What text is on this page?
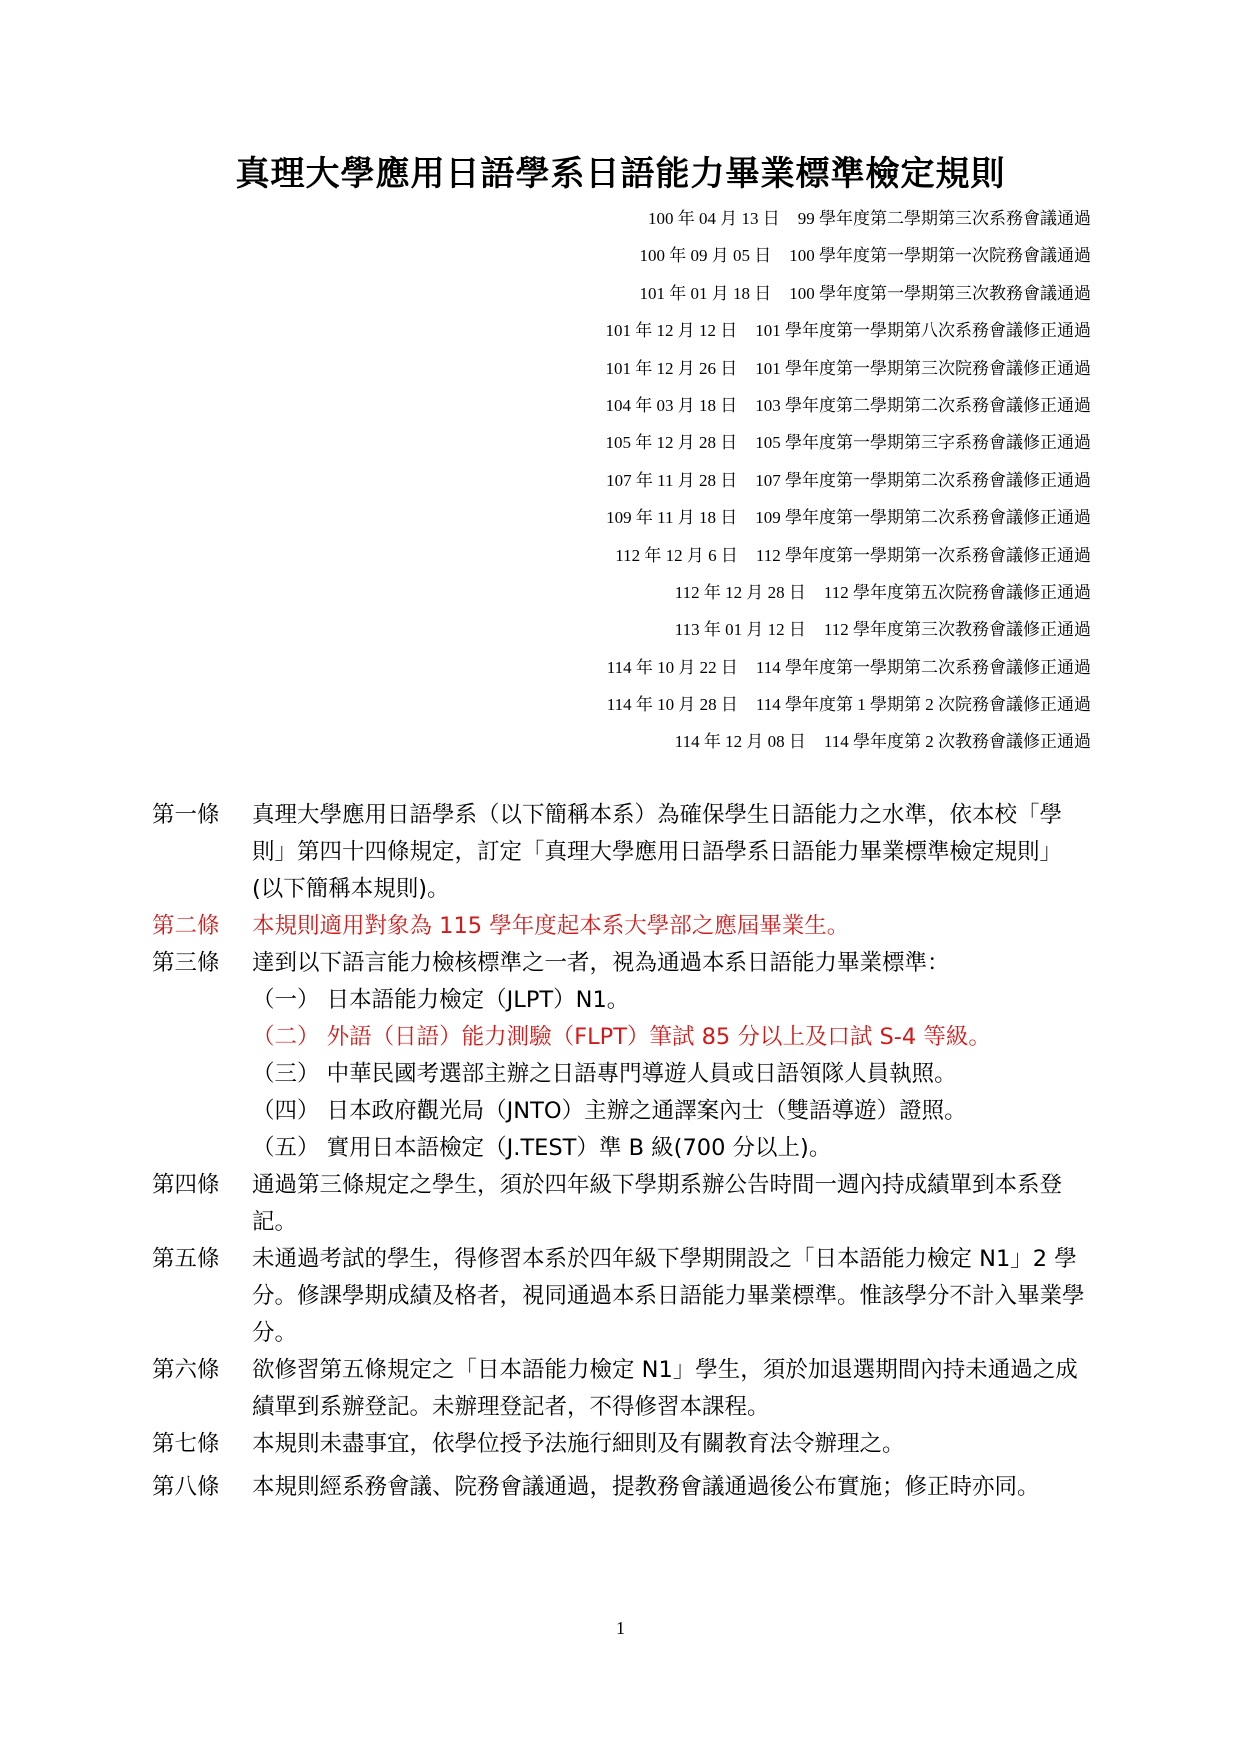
真理大學應用日語學系日語能力畢業標準檢定規則
100 年 04 月 13 日 99 學年度第二學期第三次系務會議通過
100 年 09 月 05 日 100 學年度第一學期第一次院務會議通過
101 年 01 月 18 日 100 學年度第一學期第三次教務會議通過
101 年 12 月 12 日 101 學年度第一學期第八次系務會議修正通過
101 年 12 月 26 日 101 學年度第一學期第三次院務會議修正通過
104 年 03 月 18 日 103 學年度第二學期第二次系務會議修正通過
105 年 12 月 28 日 105 學年度第一學期第三字系務會議修正通過
107 年 11 月 28 日 107 學年度第一學期第二次系務會議修正通過
109 年 11 月 18 日 109 學年度第一學期第二次系務會議修正通過
112 年 12 月 6 日 112 學年度第一學期第一次系務會議修正通過
112 年 12 月 28 日 112 學年度第五次院務會議修正通過
113 年 01 月 12 日 112 學年度第三次教務會議修正通過
114 年 10 月 22 日 114 學年度第一學期第二次系務會議修正通過
114 年 10 月 28 日 114 學年度第 1 學期第 2 次院務會議修正通過
114 年 12 月 08 日 114 學年度第 2 次教務會議修正通過
第一條	真理大學應用日語學系（以下簡稱本系）為確保學生日語能力之水準，依本校「學則」第四十四條規定，訂定「真理大學應用日語學系日語能力畢業標準檢定規則」(以下簡稱本規則)。
第二條	本規則適用對象為 115 學年度起本系大學部之應屆畢業生。
第三條	達到以下語言能力檢核標準之一者，視為通過本系日語能力畢業標準：
（一） 日本語能力檢定（JLPT）N1。
（二） 外語（日語）能力測驗（FLPT）筆試 85 分以上及口試 S-4 等級。
（三） 中華民國考選部主辦之日語專門導遊人員或日語領隊人員執照。
（四） 日本政府觀光局（JNTO）主辦之通譯案內士（雙語導遊）證照。
（五） 實用日本語檢定（J.TEST）準 B 級(700 分以上)。
第四條	通過第三條規定之學生，須於四年級下學期系辦公告時間一週內持成績單到本系登記。
第五條	未通過考試的學生，得修習本系於四年級下學期開設之「日本語能力檢定 N1」2 學分。修課學期成績及格者，視同通過本系日語能力畢業標準。惟該學分不計入畢業學分。
第六條	欲修習第五條規定之「日本語能力檢定 N1」學生，須於加退選期間內持未通過之成績單到系辦登記。未辦理登記者，不得修習本課程。
第七條	本規則未盡事宜，依學位授予法施行細則及有關教育法令辦理之。
第八條	本規則經系務會議、院務會議通過，提教務會議通過後公布實施；修正時亦同。
1
